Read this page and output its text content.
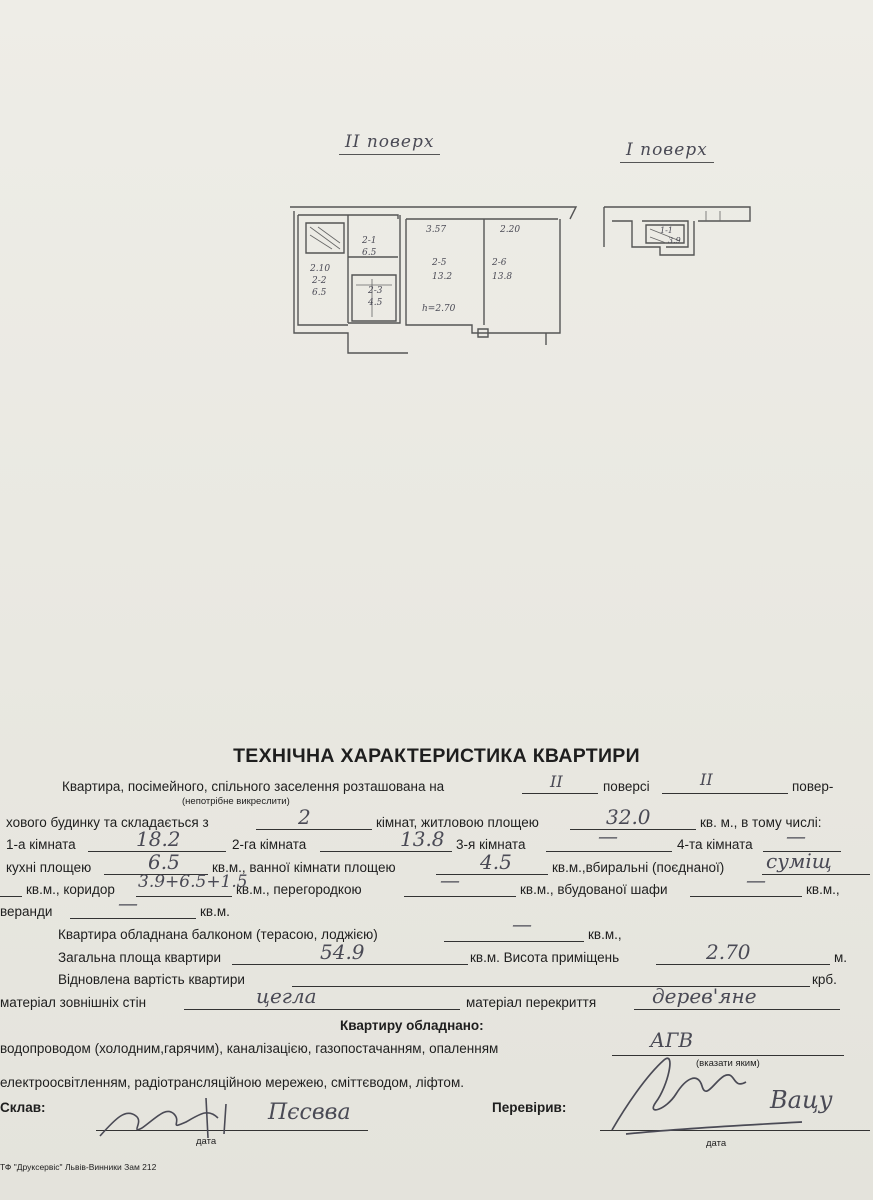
II поверх	I поверх
3.57	2.20
2.10
2-1
6.5
2-2
6.5	2-3
4.5
2-5
13.2
2-6
13.8
h=2.70
1-1
3.9
ТЕХНІЧНА ХАРАКТЕРИСТИКА КВАРТИРИ
Квартира, посімейного, спільного заселення розташована на	II	поверсі	II	повер-
(непотрібне викреслити)
хового будинку та складається з	2	кімнат, житловою площею	32.0	кв. м., в тому числі:
1-а кімната	18.2	2-га кімната	13.8 3-я кімната	—	4-та кімната —
кухні площею	6.5 кв.м., ванної кімнати площею	4.5	кв.м.,вбиральні (поєднаної) суміщ
кв.м., коридор 3.9+6.5+1.5
кв.м., перегородкою	—	кв.м., вбудованої шафи	—	кв.м.,
веранди	—	кв.м.
Квартира обладнана балконом (терасою, лоджією)	—	кв.м.,
Загальна площа квартири	54.9	кв.м. Висота приміщень	2.70	м.
Відновлена вартість квартири	крб.
матеріал зовнішніх стін	цегла	матеріал перекриття	дерев'яне
Квартиру обладнано:
водопроводом (холодним,гарячим), каналізацією, газопостачанням, опаленням	АГВ
(вказати яким)
електроосвітленням, радіотрансляційною мережею, сміттєводом, ліфтом.
Склав:	Пєсвва
дата
Перевірив:	Вацу
дата
ТФ "Друксервіс" Львів-Винники Зам 212
